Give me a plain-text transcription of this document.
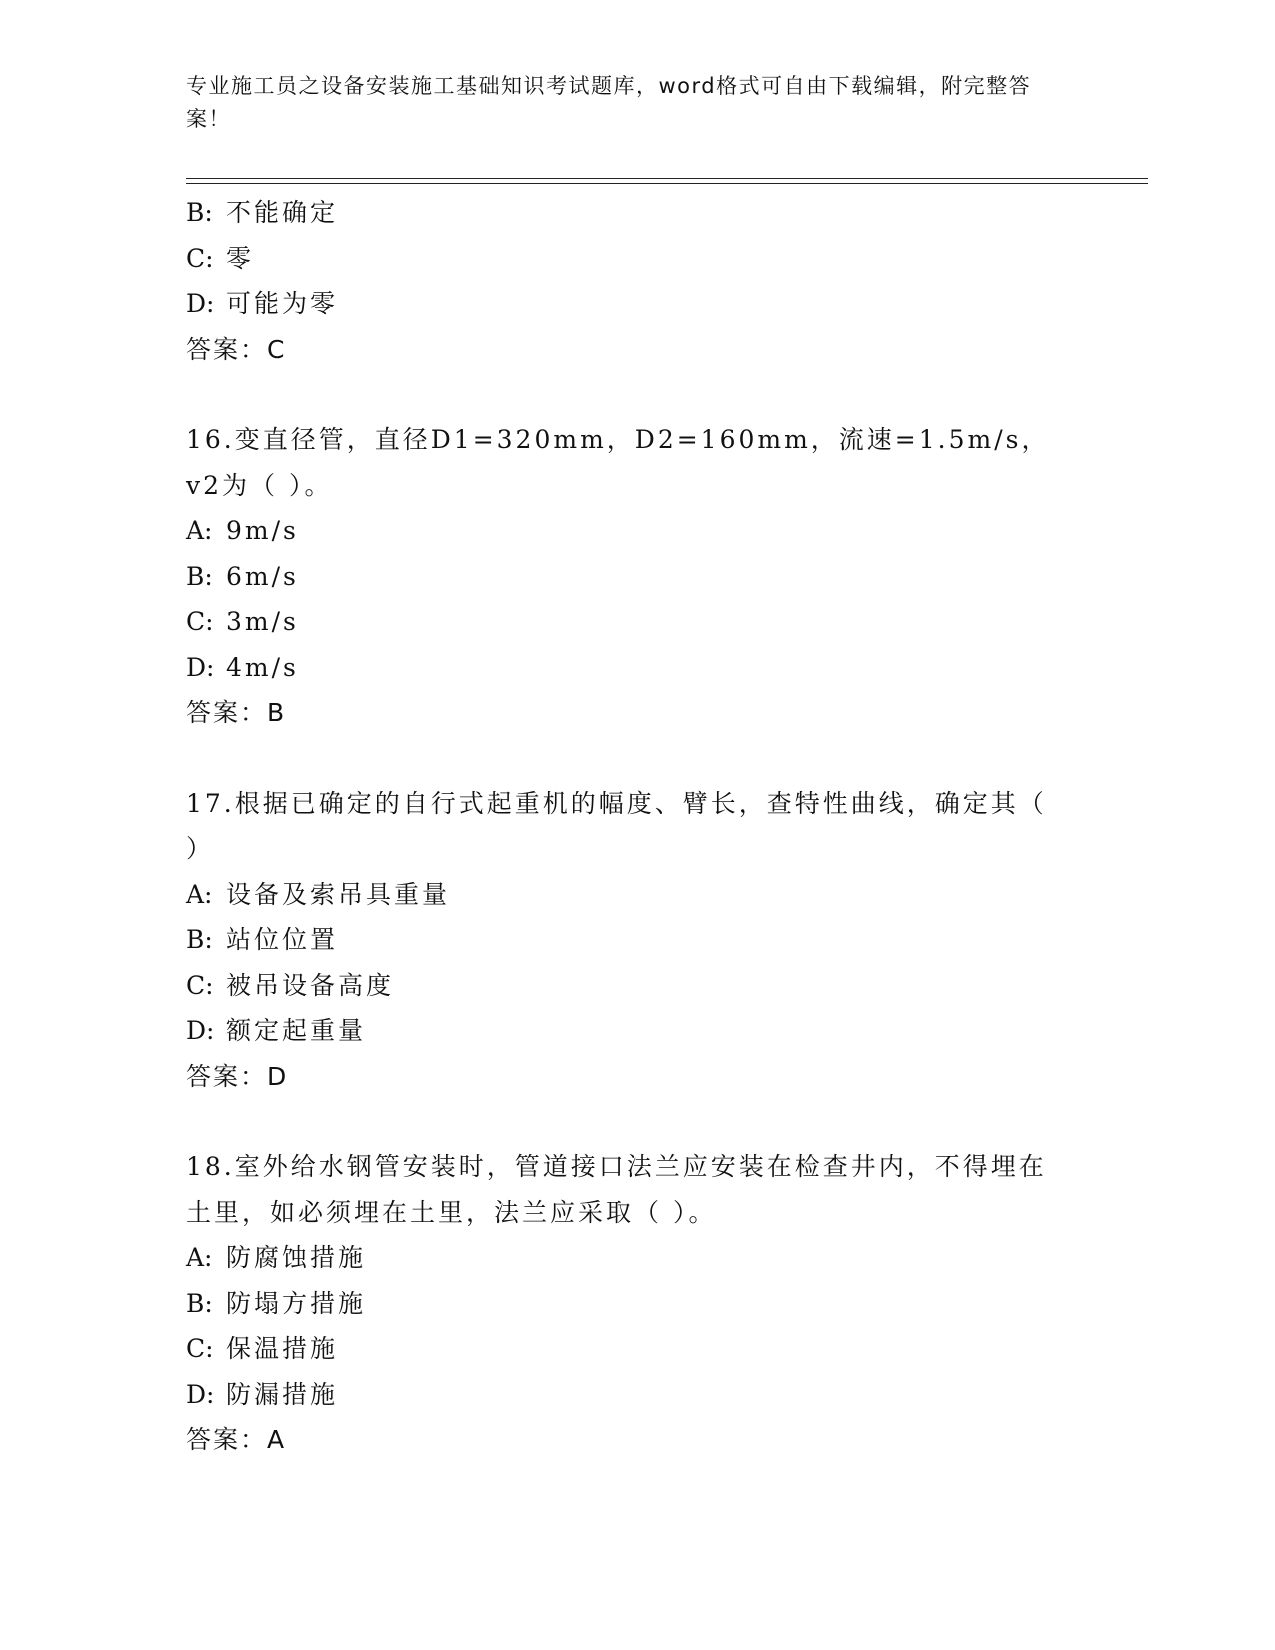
专业施工员之设备安装施工基础知识考试题库，word格式可自由下载编辑，附完整答案！
B: 不能确定
C: 零
D: 可能为零
答案：C
16.变直径管，直径D1=320mm，D2=160mm，流速=1.5m/s，v2为（ ）。
A: 9m/s
B: 6m/s
C: 3m/s
D: 4m/s
答案：B
17.根据已确定的自行式起重机的幅度、臂长，查特性曲线，确定其（ ）
A: 设备及索吊具重量
B: 站位位置
C: 被吊设备高度
D: 额定起重量
答案：D
18.室外给水钢管安装时，管道接口法兰应安装在检查井内，不得埋在土里，如必须埋在土里，法兰应采取（ ）。
A: 防腐蚀措施
B: 防塌方措施
C: 保温措施
D: 防漏措施
答案：A
